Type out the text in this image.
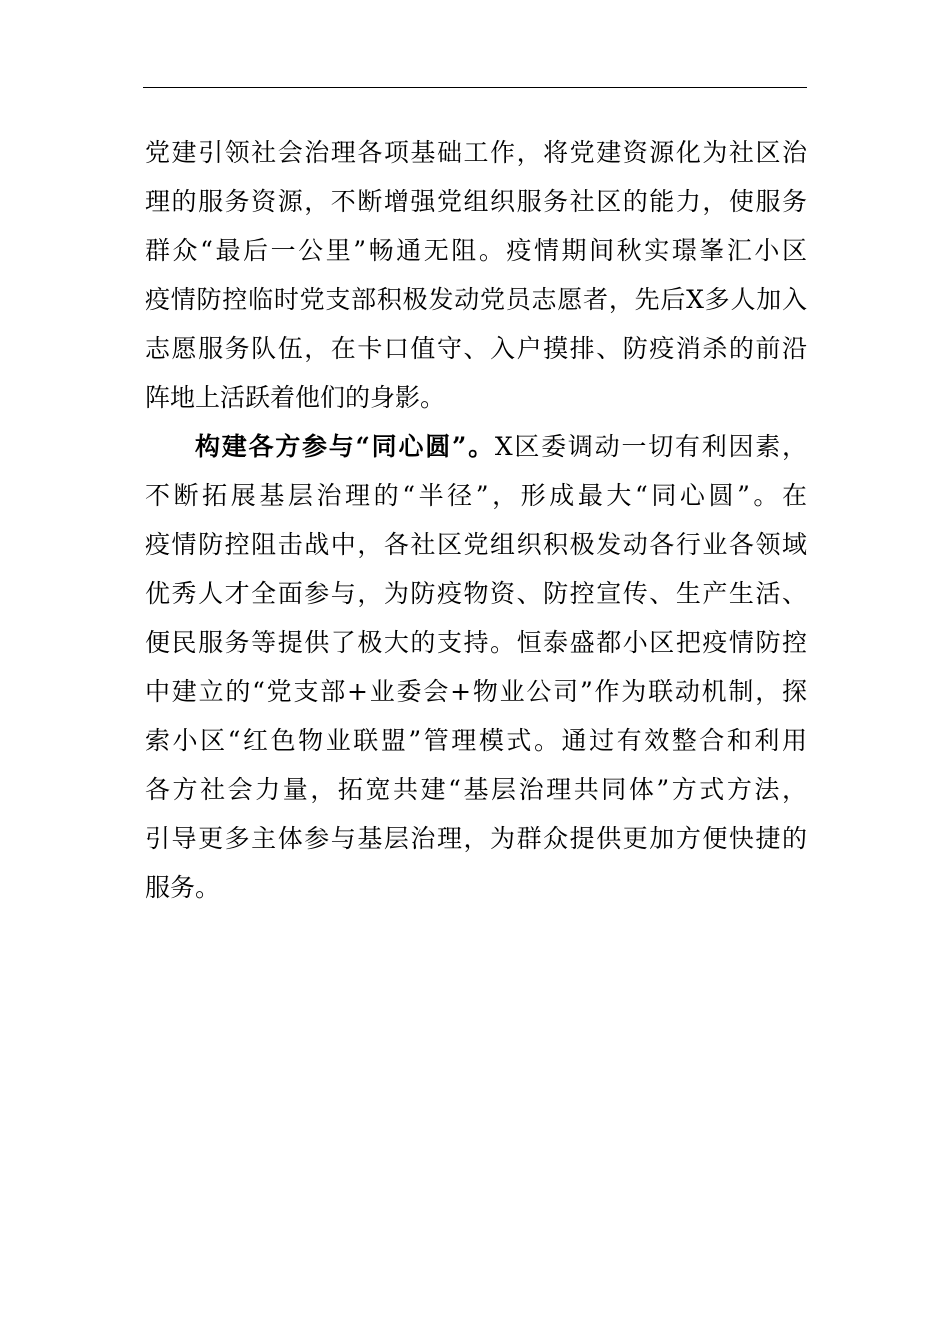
党建引领社会治理各项基础工作，将党建资源化为社区治
理的服务资源，不断增强党组织服务社区的能力，使服务
群众“最后一公里”畅通无阻。疫情期间秋实璟峯汇小区
疫情防控临时党支部积极发动党员志愿者，先后X多人加入
志愿服务队伍，在卡口值守、入户摸排、防疫消杀的前沿
阵地上活跃着他们的身影。
构建各方参与“同心圆”。X区委调动一切有利因素，
不断拓展基层治理的“半径”，形成最大“同心圆”。在
疫情防控阻击战中，各社区党组织积极发动各行业各领域
优秀人才全面参与，为防疫物资、防控宣传、生产生活、
便民服务等提供了极大的支持。恒泰盛都小区把疫情防控
中建立的“党支部+业委会+物业公司”作为联动机制，探
索小区“红色物业联盟”管理模式。通过有效整合和利用
各方社会力量，拓宽共建“基层治理共同体”方式方法，
引导更多主体参与基层治理，为群众提供更加方便快捷的
服务。
